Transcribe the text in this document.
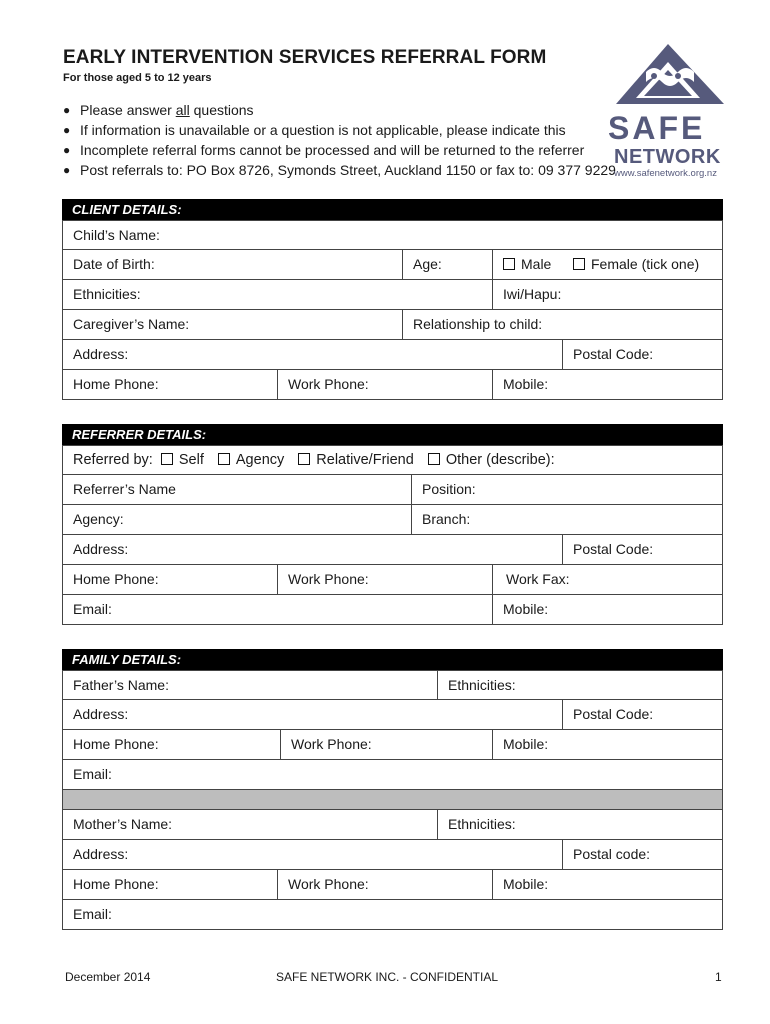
EARLY INTERVENTION SERVICES REFERRAL FORM
For those aged 5 to 12 years
● Please answer all questions
● If information is unavailable or a question is not applicable, please indicate this
● Incomplete referral forms cannot be processed and will be returned to the referrer
● Post referrals to: PO Box 8726, Symonds Street, Auckland 1150 or fax to: 09 377 9229
SAFE
NETWORK
www.safenetwork.org.nz
CLIENT DETAILS:
Child’s Name:
Date of Birth:	Age:	Male	Female (tick one)
Ethnicities:	Iwi/Hapu:
Caregiver’s Name:	Relationship to child:
Address:	Postal Code:
Home Phone:	Work Phone:	Mobile:
REFERRER DETAILS:
Referred by: Self Agency Relative/Friend Other (describe):
Referrer’s Name	Position:
Agency:	Branch:
Address:	Postal Code:
Home Phone:	Work Phone:	Work Fax:
Email:	Mobile:
FAMILY DETAILS:
Father’s Name:	Ethnicities:
Address:	Postal Code:
Home Phone:	Work Phone:	Mobile:
Email:
Mother’s Name:	Ethnicities:
Address:	Postal code:
Home Phone:	Work Phone:	Mobile:
Email:
December 2014	SAFE NETWORK INC. - CONFIDENTIAL	1
